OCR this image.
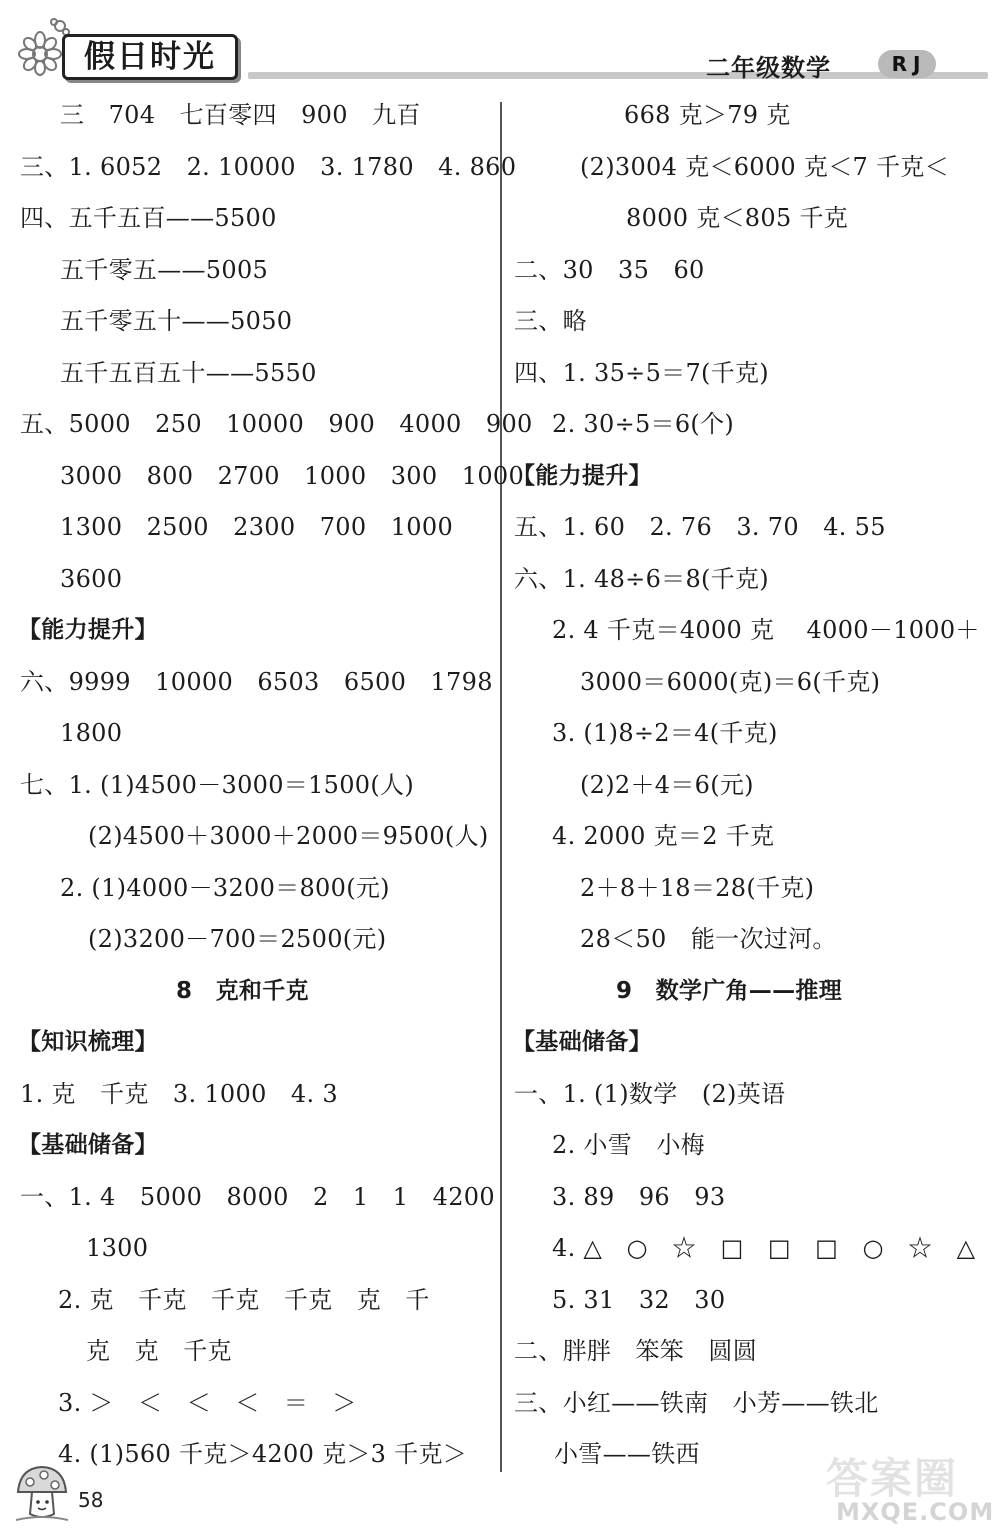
假日时光	二年级数学	RJ
三　704　七百零四　900　九百
三、1. 6052　2. 10000　3. 1780　4. 860
四、五千五百——5500
五千零五——5005
五千零五十——5050
五千五百五十——5550
五、5000　250　10000　900　4000　900
3000　800　2700　1000　300　1000
1300　2500　2300　700　1000
3600
【能力提升】
六、9999　10000　6503　6500　1798
1800
七、1. (1)4500－3000＝1500(人)
(2)4500＋3000＋2000＝9500(人)
2. (1)4000－3200＝800(元)
(2)3200－700＝2500(元)
8　克和千克
【知识梳理】
1. 克　千克　3. 1000　4. 3
【基础储备】
一、1. 4　5000　8000　2　1　1　4200
1300
2. 克　千克　千克　千克　克　千
克　克　千克
3. ＞　＜　＜　＜　＝　＞
4. (1)560 千克＞4200 克＞3 千克＞
668 克＞79 克
(2)3004 克＜6000 克＜7 千克＜
8000 克＜805 千克
二、30　35　60
三、略
四、1. 35÷5＝7(千克)
2. 30÷5＝6(个)
【能力提升】
五、1. 60　2. 76　3. 70　4. 55
六、1. 48÷6＝8(千克)
2. 4 千克＝4000 克　 4000－1000＋
3000＝6000(克)＝6(千克)
3. (1)8÷2＝4(千克)
(2)2＋4＝6(元)
4. 2000 克＝2 千克
2＋8＋18＝28(千克)
28＜50　能一次过河。
9　数学广角——推理
【基础储备】
一、1. (1)数学　(2)英语
2. 小雪　小梅
3. 89　96　93
4. △　○　☆　□　□　□　○　☆　△
5. 31　32　30
二、胖胖　笨笨　圆圆
三、小红——铁南　小芳——铁北
小雪——铁西
58	答案圈
MXQE.COM
